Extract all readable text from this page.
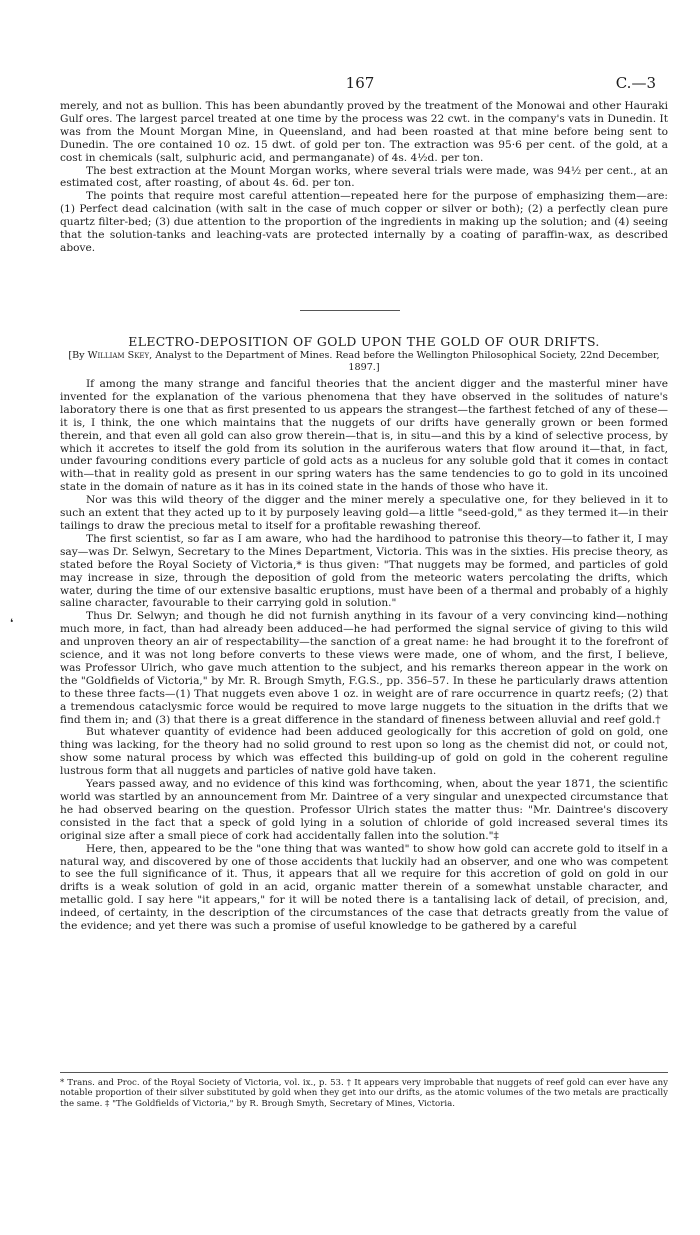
167	C.—3

merely, and not as bullion. This has been abundantly proved by the treatment of the Monowai and other Hauraki Gulf ores. The largest parcel treated at one time by the process was 22 cwt. in the company's vats in Dunedin. It was from the Mount Morgan Mine, in Queensland, and had been roasted at that mine before being sent to Dunedin. The ore contained 10 oz. 15 dwt. of gold per ton. The extraction was 95·6 per cent. of the gold, at a cost in chemicals (salt, sulphuric acid, and permanganate) of 4s. 4½d. per ton.

The best extraction at the Mount Morgan works, where several trials were made, was 94½ per cent., at an estimated cost, after roasting, of about 4s. 6d. per ton.

The points that require most careful attention—repeated here for the purpose of emphasizing them—are: (1) Perfect dead calcination (with salt in the case of much copper or silver or both); (2) a perfectly clean pure quartz filter-bed; (3) due attention to the proportion of the ingredients in making up the solution; and (4) seeing that the solution-tanks and leaching-vats are protected internally by a coating of paraffin-wax, as described above.

ELECTRO-DEPOSITION OF GOLD UPON THE GOLD OF OUR DRIFTS.
[By William Skey, Analyst to the Department of Mines. Read before the Wellington Philosophical Society, 22nd December, 1897.]

If among the many strange and fanciful theories that the ancient digger and the masterful miner have invented for the explanation of the various phenomena that they have observed in the solitudes of nature's laboratory there is one that as first presented to us appears the strangest—the farthest fetched of any of these—it is, I think, the one which maintains that the nuggets of our drifts have generally grown or been formed therein, and that even all gold can also grow therein—that is, in situ—and this by a kind of selective process, by which it accretes to itself the gold from its solution in the auriferous waters that flow around it—that, in fact, under favouring conditions every particle of gold acts as a nucleus for any soluble gold that it comes in contact with—that in reality gold as present in our spring waters has the same tendencies to go to gold in its uncoined state in the domain of nature as it has in its coined state in the hands of those who have it.

Nor was this wild theory of the digger and the miner merely a speculative one, for they believed in it to such an extent that they acted up to it by purposely leaving gold—a little "seed-gold," as they termed it—in their tailings to draw the precious metal to itself for a profitable rewashing thereof.

The first scientist, so far as I am aware, who had the hardihood to patronise this theory—to father it, I may say—was Dr. Selwyn, Secretary to the Mines Department, Victoria. This was in the sixties. His precise theory, as stated before the Royal Society of Victoria,* is thus given: "That nuggets may be formed, and particles of gold may increase in size, through the deposition of gold from the meteoric waters percolating the drifts, which water, during the time of our extensive basaltic eruptions, must have been of a thermal and probably of a highly saline character, favourable to their carrying gold in solution."

Thus Dr. Selwyn; and though he did not furnish anything in its favour of a very convincing kind—nothing much more, in fact, than had already been adduced—he had performed the signal service of giving to this wild and unproven theory an air of respectability—the sanction of a great name: he had brought it to the forefront of science, and it was not long before converts to these views were made, one of whom, and the first, I believe, was Professor Ulrich, who gave much attention to the subject, and his remarks thereon appear in the work on the "Goldfields of Victoria," by Mr. R. Brough Smyth, F.G.S., pp. 356–57. In these he particularly draws attention to these three facts—(1) That nuggets even above 1 oz. in weight are of rare occurrence in quartz reefs; (2) that a tremendous cataclysmic force would be required to move large nuggets to the situation in the drifts that we find them in; and (3) that there is a great difference in the standard of fineness between alluvial and reef gold.†

But whatever quantity of evidence had been adduced geologically for this accretion of gold on gold, one thing was lacking, for the theory had no solid ground to rest upon so long as the chemist did not, or could not, show some natural process by which was effected this building-up of gold on gold in the coherent reguline lustrous form that all nuggets and particles of native gold have taken.

Years passed away, and no evidence of this kind was forthcoming, when, about the year 1871, the scientific world was startled by an announcement from Mr. Daintree of a very singular and unexpected circumstance that he had observed bearing on the question. Professor Ulrich states the matter thus: "Mr. Daintree's discovery consisted in the fact that a speck of gold lying in a solution of chloride of gold increased several times its original size after a small piece of cork had accidentally fallen into the solution."‡

Here, then, appeared to be the "one thing that was wanted" to show how gold can accrete gold to itself in a natural way, and discovered by one of those accidents that luckily had an observer, and one who was competent to see the full significance of it. Thus, it appears that all we require for this accretion of gold on gold in our drifts is a weak solution of gold in an acid, organic matter therein of a somewhat unstable character, and metallic gold. I say here "it appears," for it will be noted there is a tantalising lack of detail, of precision, and, indeed, of certainty, in the description of the circumstances of the case that detracts greatly from the value of the evidence; and yet there was such a promise of useful knowledge to be gathered by a careful

❛

* Trans. and Proc. of the Royal Society of Victoria, vol. ix., p. 53. † It appears very improbable that nuggets of reef gold can ever have any notable proportion of their silver substituted by gold when they get into our drifts, as the atomic volumes of the two metals are practically the same. ‡ "The Goldfields of Victoria," by R. Brough Smyth, Secretary of Mines, Victoria.
